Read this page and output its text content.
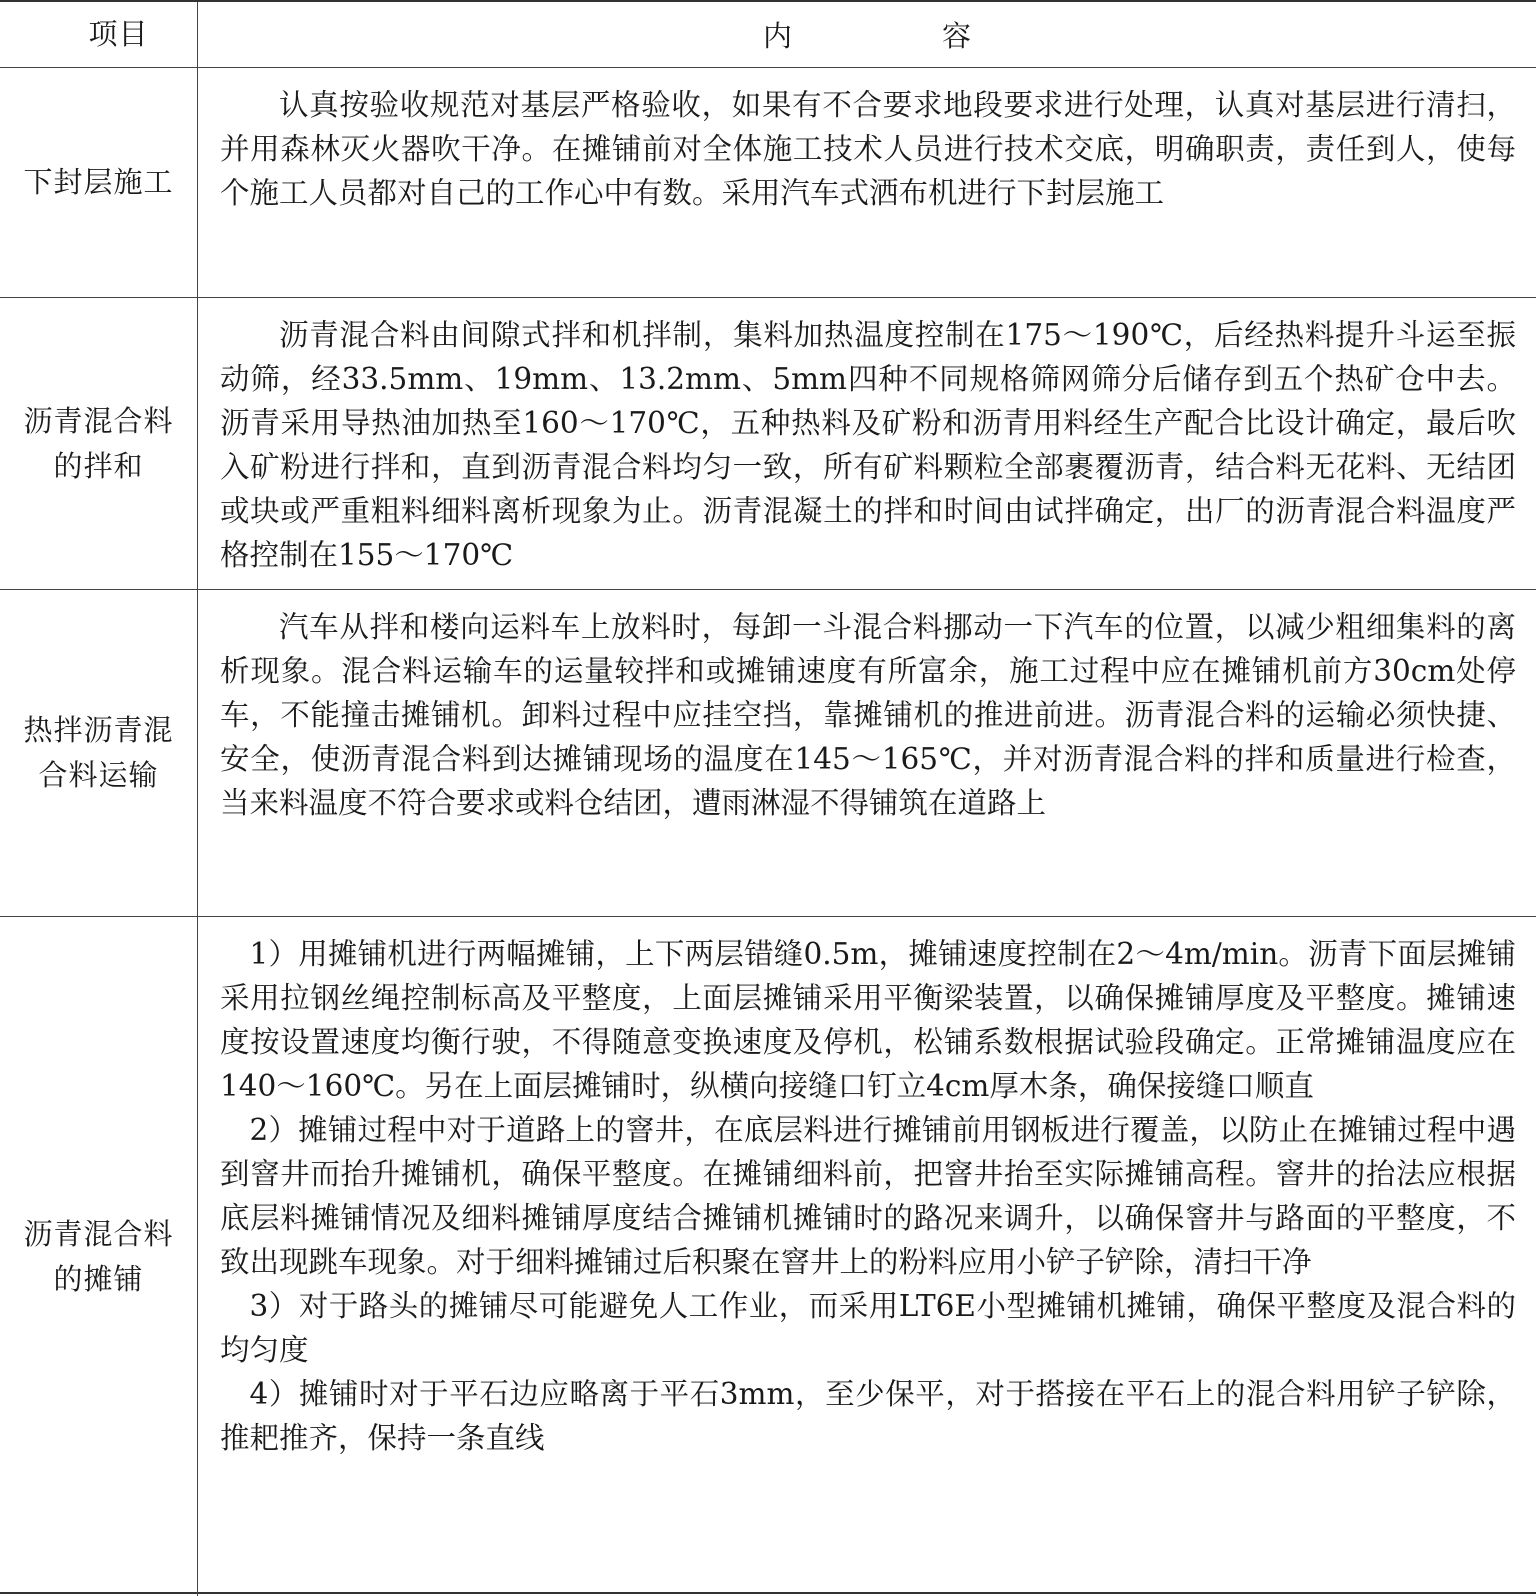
项目	内容
下封层施工

认真按验收规范对基层严格验收，如果有不合要求地段要求进行处理，认真对基层进行清扫，并用森林灭火器吹干净。在摊铺前对全体施工技术人员进行技术交底，明确职责，责任到人，使每个施工人员都对自己的工作心中有数。采用汽车式洒布机进行下封层施工

沥青混合料的拌和

沥青混合料由间隙式拌和机拌制，集料加热温度控制在175～190℃，后经热料提升斗运至振动筛，经33.5mm、19mm、13.2mm、5mm四种不同规格筛网筛分后储存到五个热矿仓中去。沥青采用导热油加热至160～170℃，五种热料及矿粉和沥青用料经生产配合比设计确定，最后吹入矿粉进行拌和，直到沥青混合料均匀一致，所有矿料颗粒全部裹覆沥青，结合料无花料、无结团或块或严重粗料细料离析现象为止。沥青混凝土的拌和时间由试拌确定，出厂的沥青混合料温度严格控制在155～170℃

热拌沥青混合料运输

汽车从拌和楼向运料车上放料时，每卸一斗混合料挪动一下汽车的位置，以减少粗细集料的离析现象。混合料运输车的运量较拌和或摊铺速度有所富余，施工过程中应在摊铺机前方30cm处停车，不能撞击摊铺机。卸料过程中应挂空挡，靠摊铺机的推进前进。沥青混合料的运输必须快捷、安全，使沥青混合料到达摊铺现场的温度在145～165℃，并对沥青混合料的拌和质量进行检查，当来料温度不符合要求或料仓结团，遭雨淋湿不得铺筑在道路上

沥青混合料的摊铺

1）用摊铺机进行两幅摊铺，上下两层错缝0.5m，摊铺速度控制在2～4m/min。沥青下面层摊铺采用拉钢丝绳控制标高及平整度，上面层摊铺采用平衡梁装置，以确保摊铺厚度及平整度。摊铺速度按设置速度均衡行驶，不得随意变换速度及停机，松铺系数根据试验段确定。正常摊铺温度应在140～160℃。另在上面层摊铺时，纵横向接缝口钉立4cm厚木条，确保接缝口顺直

2）摊铺过程中对于道路上的窨井，在底层料进行摊铺前用钢板进行覆盖，以防止在摊铺过程中遇到窨井而抬升摊铺机，确保平整度。在摊铺细料前，把窨井抬至实际摊铺高程。窨井的抬法应根据底层料摊铺情况及细料摊铺厚度结合摊铺机摊铺时的路况来调升，以确保窨井与路面的平整度，不致出现跳车现象。对于细料摊铺过后积聚在窨井上的粉料应用小铲子铲除，清扫干净

3）对于路头的摊铺尽可能避免人工作业，而采用LT6E小型摊铺机摊铺，确保平整度及混合料的均匀度

4）摊铺时对于平石边应略离于平石3mm，至少保平，对于搭接在平石上的混合料用铲子铲除，推耙推齐，保持一条直线
